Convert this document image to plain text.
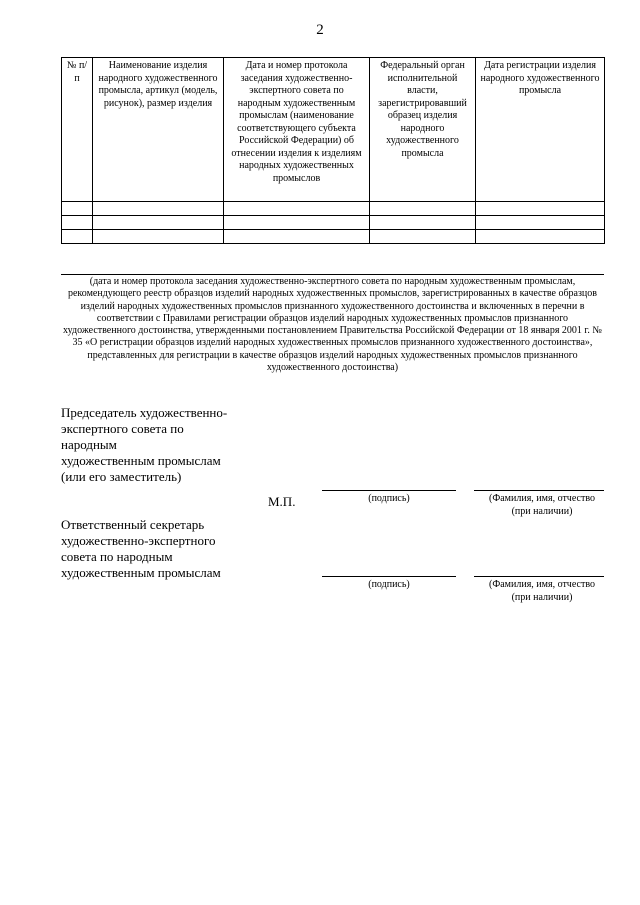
2
№ п/п	Наименование изделия народного художественного промысла, артикул (модель, рисунок), размер изделия	Дата и номер протокола заседания художественно-экспертного совета по народным художественным промыслам (наименование соответствующего субъекта Российской Федерации) об отнесении изделия к изделиям народных художественных промыслов	Федеральный орган исполнительной власти, зарегистрировавший образец изделия народного художественного промысла	Дата регистрации изделия народного художественного промысла

(дата и номер протокола заседания художественно-экспертного совета по народным художественным промыслам, рекомендующего реестр образцов изделий народных художественных промыслов, зарегистрированных в качестве образцов изделий народных художественных промыслов признанного художественного достоинства и включенных в перечни в соответствии с Правилами регистрации образцов изделий народных художественных промыслов признанного художественного достоинства, утвержденными постановлением Правительства Российской Федерации от 18 января 2001 г. № 35 «О регистрации образцов изделий народных художественных промыслов признанного художественного достоинства», представленных для регистрации в качестве образцов изделий народных художественных промыслов признанного художественного достоинства)
Председатель художественно-
экспертного совета по
народным
художественным промыслам
(или его заместитель)
М.П.	(подпись)	(Фамилия, имя, отчество
(при наличии)
Ответственный секретарь
художественно-экспертного
совета по народным
художественным промыслам
(подпись)	(Фамилия, имя, отчество
(при наличии)
